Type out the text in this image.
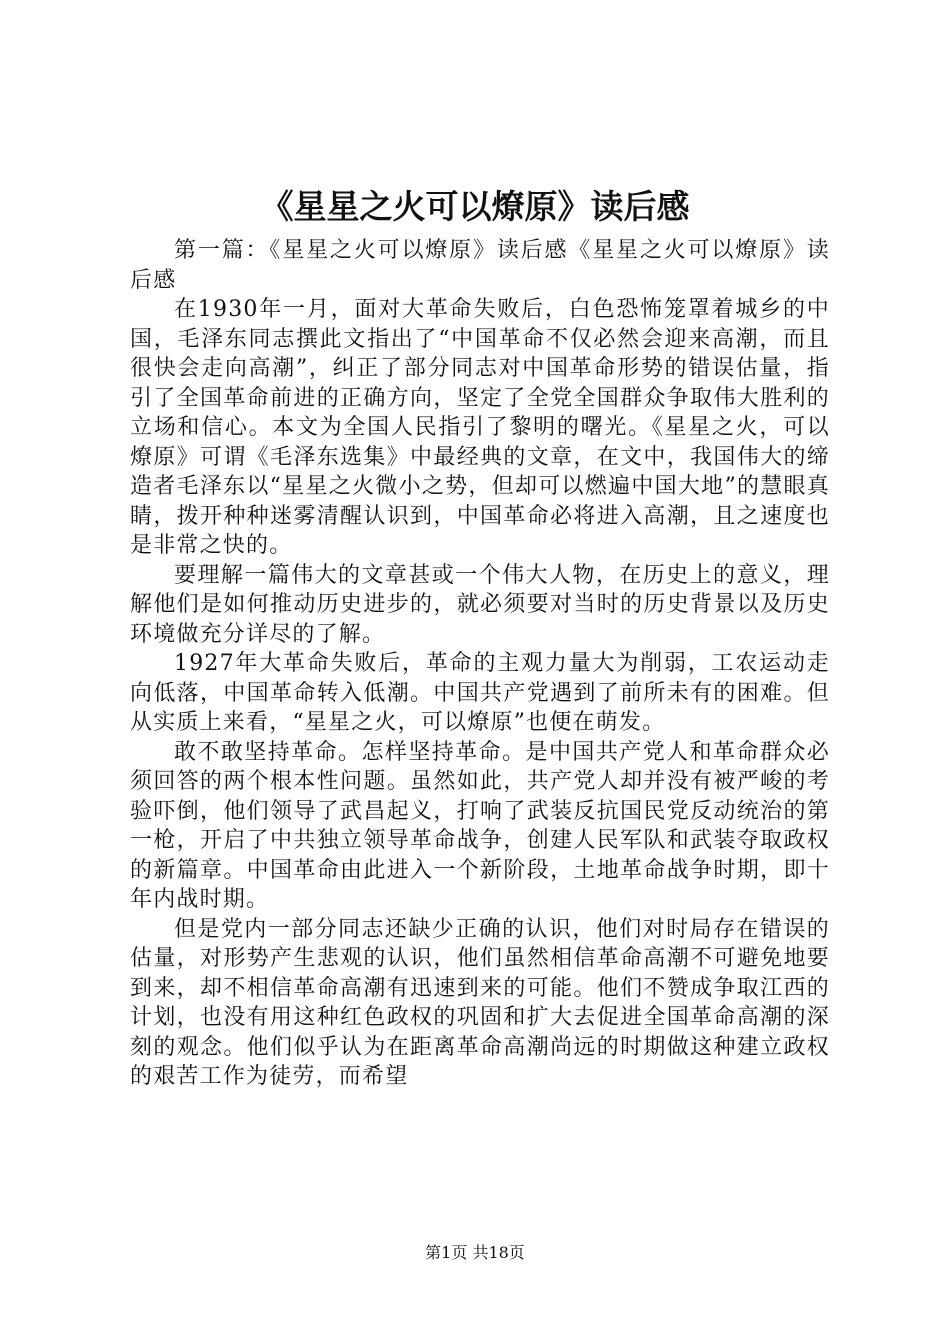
《星星之火可以燎原》读后感

第一篇：《星星之火可以燎原》读后感《星星之火可以燎原》读后感

在1930年一月，面对大革命失败后，白色恐怖笼罩着城乡的中国，毛泽东同志撰此文指出了“中国革命不仅必然会迎来高潮，而且很快会走向高潮”，纠正了部分同志对中国革命形势的错误估量，指引了全国革命前进的正确方向，坚定了全党全国群众争取伟大胜利的立场和信心。本文为全国人民指引了黎明的曙光。《星星之火，可以燎原》可谓《毛泽东选集》中最经典的文章，在文中，我国伟大的缔造者毛泽东以“星星之火微小之势，但却可以燃遍中国大地”的慧眼真睛，拨开种种迷雾清醒认识到，中国革命必将进入高潮，且之速度也是非常之快的。

要理解一篇伟大的文章甚或一个伟大人物，在历史上的意义，理解他们是如何推动历史进步的，就必须要对当时的历史背景以及历史环境做充分详尽的了解。

1927年大革命失败后，革命的主观力量大为削弱，工农运动走向低落，中国革命转入低潮。中国共产党遇到了前所未有的困难。但从实质上来看，“星星之火，可以燎原”也便在萌发。

敢不敢坚持革命。怎样坚持革命。是中国共产党人和革命群众必须回答的两个根本性问题。虽然如此，共产党人却并没有被严峻的考验吓倒，他们领导了武昌起义，打响了武装反抗国民党反动统治的第一枪，开启了中共独立领导革命战争，创建人民军队和武装夺取政权的新篇章。中国革命由此进入一个新阶段，土地革命战争时期，即十年内战时期。

但是党内一部分同志还缺少正确的认识，他们对时局存在错误的估量，对形势产生悲观的认识，他们虽然相信革命高潮不可避免地要到来，却不相信革命高潮有迅速到来的可能。他们不赞成争取江西的计划，也没有用这种红色政权的巩固和扩大去促进全国革命高潮的深刻的观念。他们似乎认为在距离革命高潮尚远的时期做这种建立政权的艰苦工作为徒劳，而希望

第1页 共18页
